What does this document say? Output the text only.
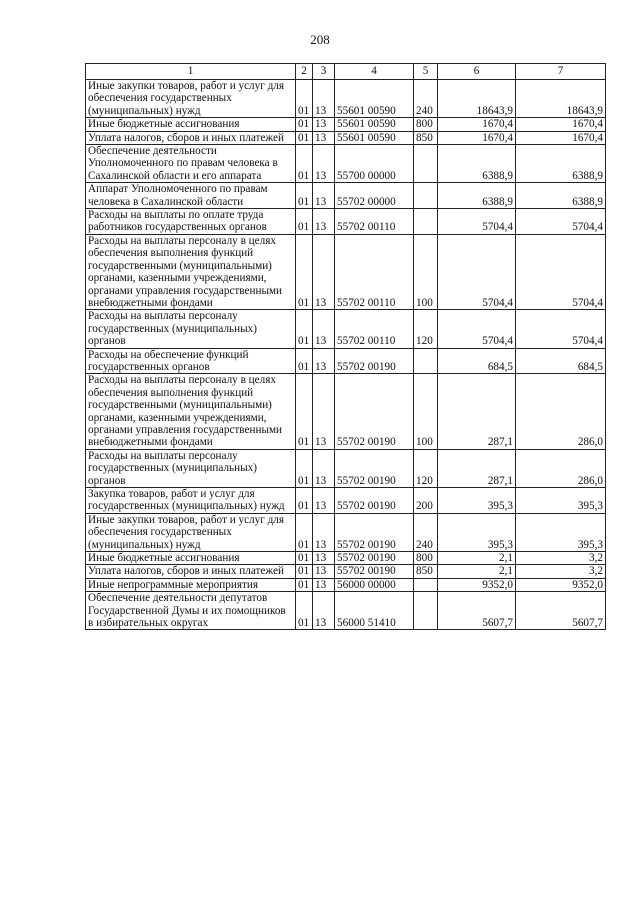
208
1	2	3	4	5	6	7
Иные закупки товаров, работ и услуг для обеспечения государственных (муниципальных) нужд	01	13	55601 00590	240	18643,9	18643,9
Иные бюджетные ассигнования	01	13	55601 00590	800	1670,4	1670,4
Уплата налогов, сборов и иных платежей	01	13	55601 00590	850	1670,4	1670,4
Обеспечение деятельности Уполномоченного по правам человека в Сахалинской области и его аппарата	01	13	55700 00000		6388,9	6388,9
Аппарат Уполномоченного по правам человека в Сахалинской области	01	13	55702 00000		6388,9	6388,9
Расходы на выплаты по оплате труда работников государственных органов	01	13	55702 00110		5704,4	5704,4
Расходы на выплаты персоналу в целях обеспечения выполнения функций государственными (муниципальными) органами, казенными учреждениями, органами управления государственными внебюджетными фондами	01	13	55702 00110	100	5704,4	5704,4
Расходы на выплаты персоналу государственных (муниципальных) органов	01	13	55702 00110	120	5704,4	5704,4
Расходы на обеспечение функций государственных органов	01	13	55702 00190		684,5	684,5
Расходы на выплаты персоналу в целях обеспечения выполнения функций государственными (муниципальными) органами, казенными учреждениями, органами управления государственными внебюджетными фондами	01	13	55702 00190	100	287,1	286,0
Расходы на выплаты персоналу государственных (муниципальных) органов	01	13	55702 00190	120	287,1	286,0
Закупка товаров, работ и услуг для государственных (муниципальных) нужд	01	13	55702 00190	200	395,3	395,3
Иные закупки товаров, работ и услуг для обеспечения государственных (муниципальных) нужд	01	13	55702 00190	240	395,3	395,3
Иные бюджетные ассигнования	01	13	55702 00190	800	2,1	3,2
Уплата налогов, сборов и иных платежей	01	13	55702 00190	850	2,1	3,2
Иные непрограммные мероприятия	01	13	56000 00000		9352,0	9352,0
Обеспечение деятельности депутатов Государственной Думы и их помощников в избирательных округах	01	13	56000 51410		5607,7	5607,7
